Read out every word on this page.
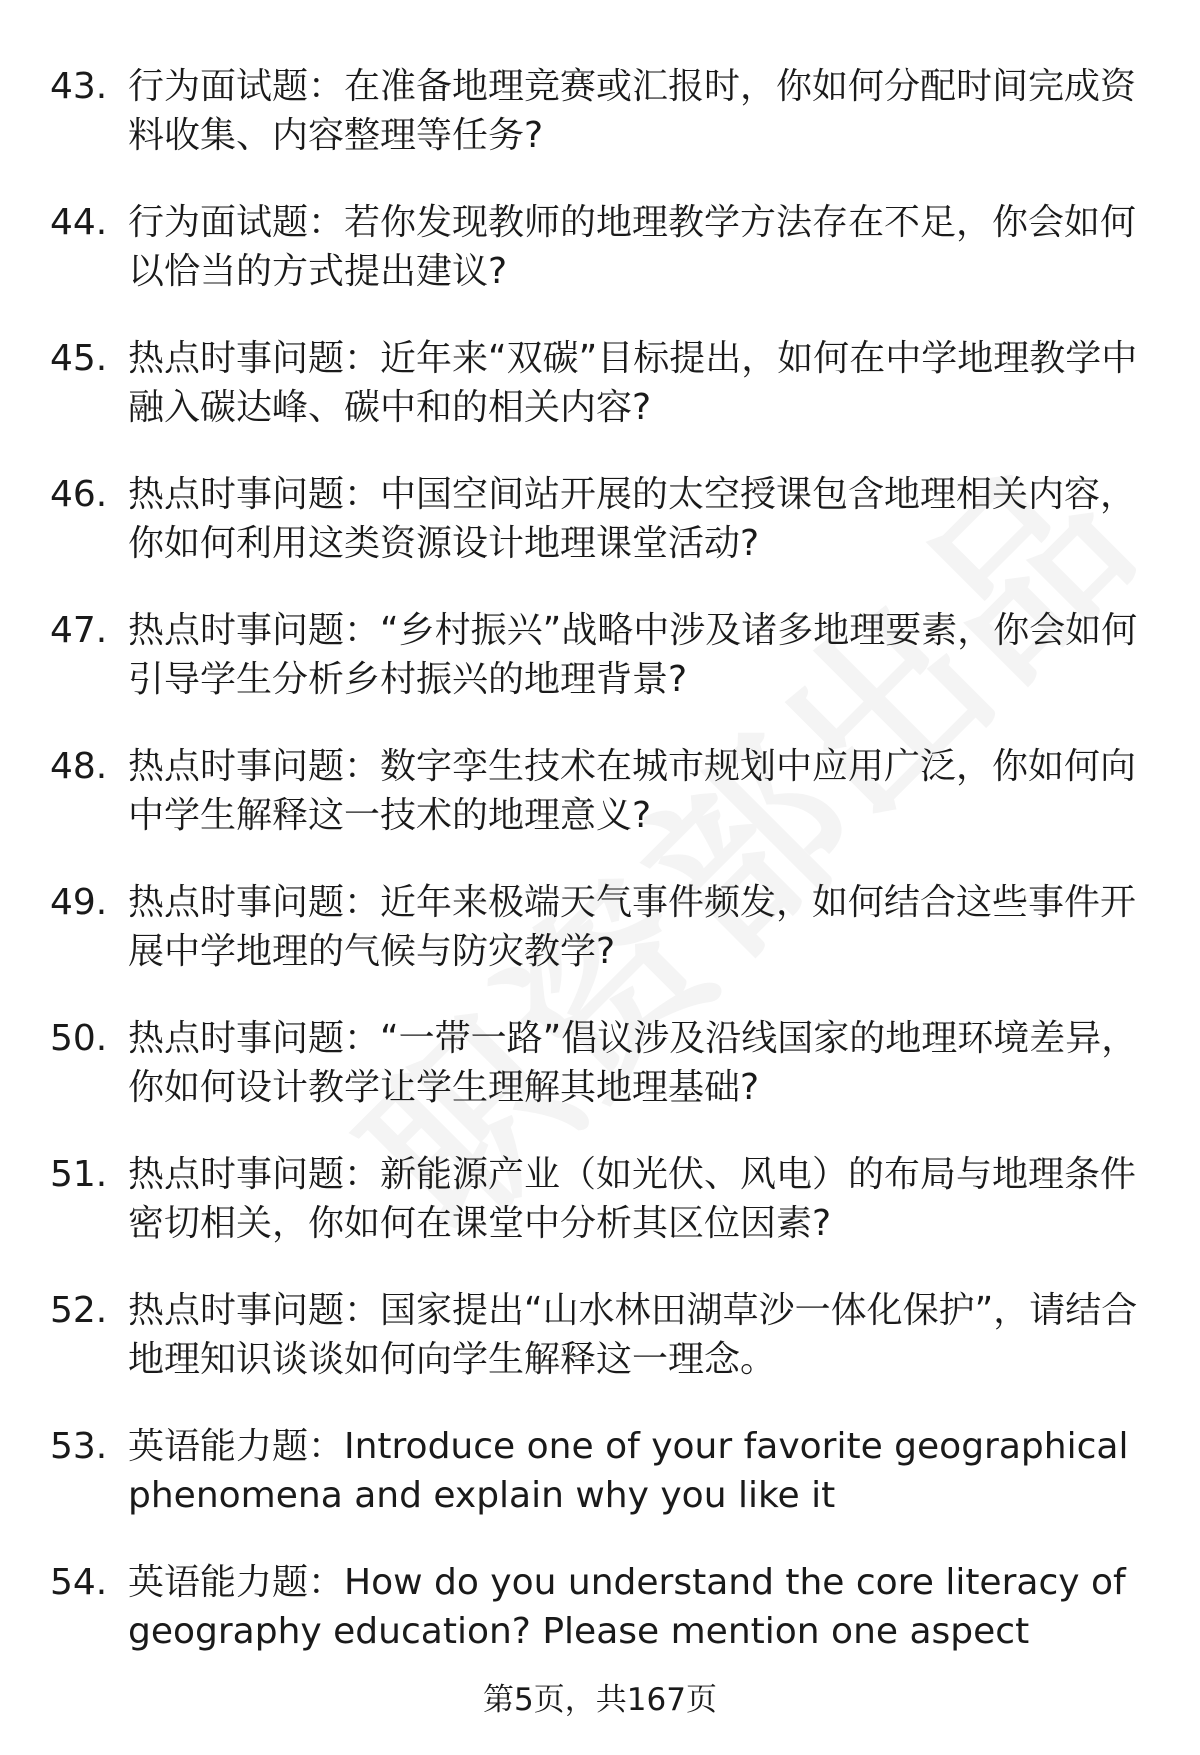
43. 行为面试题：在准备地理竞赛或汇报时，你如何分配时间完成资料收集、内容整理等任务?
44. 行为面试题：若你发现教师的地理教学方法存在不足，你会如何以恰当的方式提出建议?
45. 热点时事问题：近年来“双碳”目标提出，如何在中学地理教学中融入碳达峰、碳中和的相关内容?
46. 热点时事问题：中国空间站开展的太空授课包含地理相关内容，你如何利用这类资源设计地理课堂活动?
47. 热点时事问题：“乡村振兴”战略中涉及诸多地理要素，你会如何引导学生分析乡村振兴的地理背景?
48. 热点时事问题：数字孪生技术在城市规划中应用广泛，你如何向中学生解释这一技术的地理意义?
49. 热点时事问题：近年来极端天气事件频发，如何结合这些事件开展中学地理的气候与防灾教学?
50. 热点时事问题：“一带一路”倡议涉及沿线国家的地理环境差异，你如何设计教学让学生理解其地理基础?
51. 热点时事问题：新能源产业（如光伏、风电）的布局与地理条件密切相关，你如何在课堂中分析其区位因素?
52. 热点时事问题：国家提出“山水林田湖草沙一体化保护”，请结合地理知识谈谈如何向学生解释这一理念。
53. 英语能力题：Introduce one of your favorite geographical phenomena and explain why you like it
54. 英语能力题：How do you understand the core literacy of geography education? Please mention one aspect
第5页，共167页
